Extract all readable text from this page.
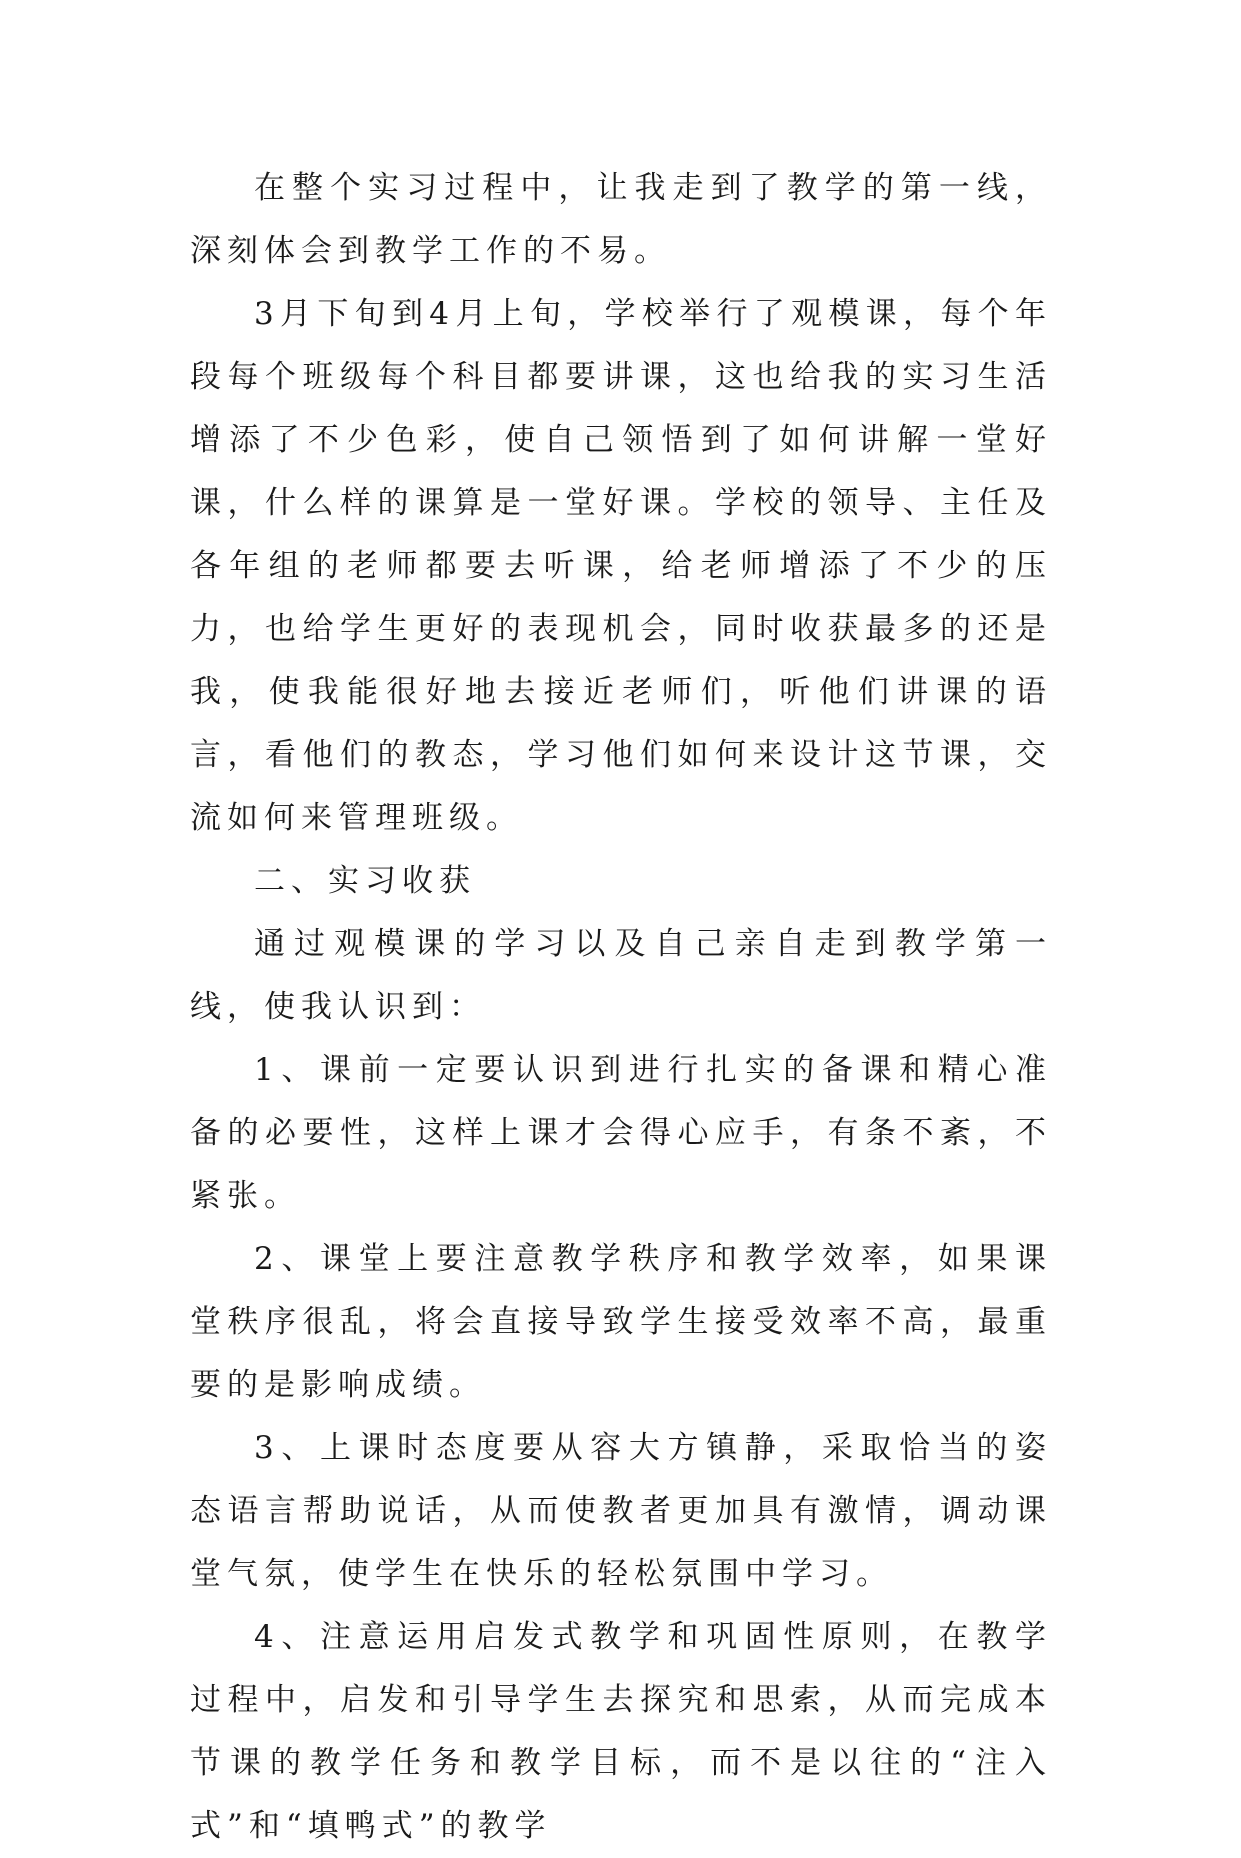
在整个实习过程中，让我走到了教学的第一线，深刻体会到教学工作的不易。

3月下旬到4月上旬，学校举行了观模课，每个年段每个班级每个科目都要讲课，这也给我的实习生活增添了不少色彩，使自己领悟到了如何讲解一堂好课，什么样的课算是一堂好课。学校的领导、主任及各年组的老师都要去听课，给老师增添了不少的压力，也给学生更好的表现机会，同时收获最多的还是我，使我能很好地去接近老师们，听他们讲课的语言，看他们的教态，学习他们如何来设计这节课，交流如何来管理班级。

二、实习收获

通过观模课的学习以及自己亲自走到教学第一线，使我认识到：

1、课前一定要认识到进行扎实的备课和精心准备的必要性，这样上课才会得心应手，有条不紊，不紧张。

2、课堂上要注意教学秩序和教学效率，如果课堂秩序很乱，将会直接导致学生接受效率不高，最重要的是影响成绩。

3、上课时态度要从容大方镇静，采取恰当的姿态语言帮助说话，从而使教者更加具有激情，调动课堂气氛，使学生在快乐的轻松氛围中学习。

4、注意运用启发式教学和巩固性原则，在教学过程中，启发和引导学生去探究和思索，从而完成本节课的教学任务和教学目标，而不是以往的“注入式”和“填鸭式”的教学
